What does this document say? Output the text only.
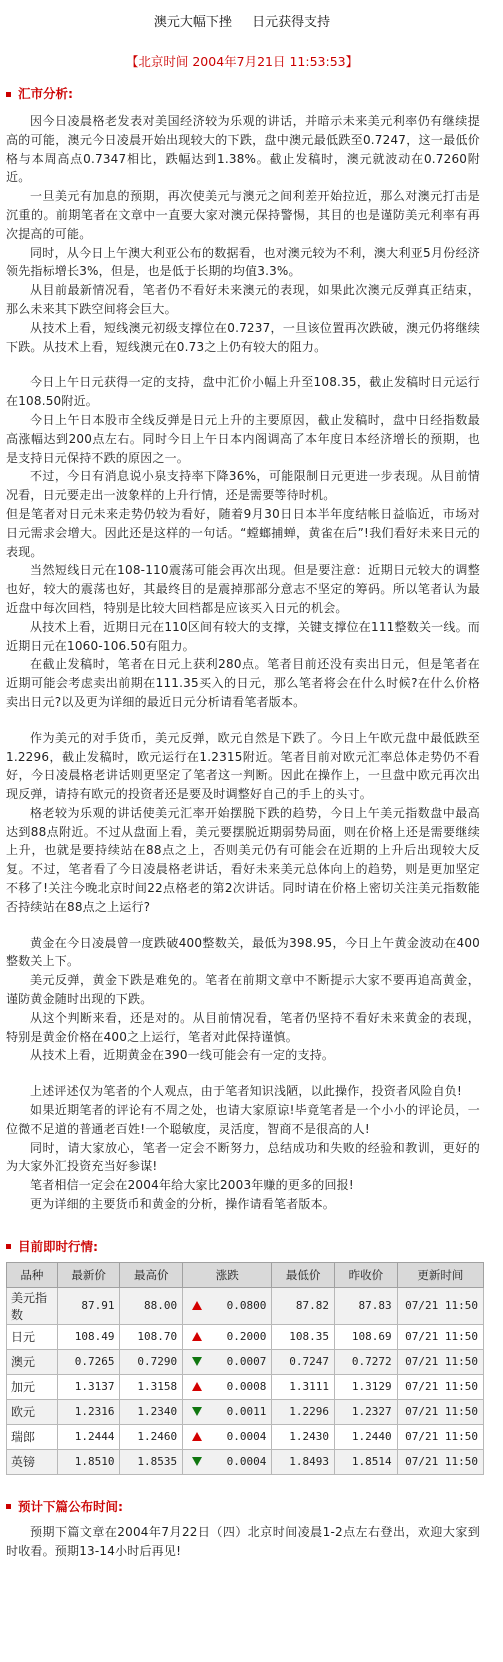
澳元大幅下挫 日元获得支持
【北京时间 2004年7月21日 11:53:53】
汇市分析:

因今日凌晨格老发表对美国经济较为乐观的讲话，并暗示未来美元利率仍有继续提高的可能，澳元今日凌晨开始出现较大的下跌，盘中澳元最低跌至0.7247，这一最低价格与本周高点0.7347相比，跌幅达到1.38%。截止发稿时，澳元就波动在0.7260附近。

一旦美元有加息的预期，再次使美元与澳元之间利差开始拉近，那么对澳元打击是沉重的。前期笔者在文章中一直要大家对澳元保持警惕，其目的也是谨防美元利率有再次提高的可能。

同时，从今日上午澳大利亚公布的数据看，也对澳元较为不利，澳大利亚5月份经济领先指标增长3%，但是，也是低于长期的均值3.3%。

从目前最新情况看，笔者仍不看好未来澳元的表现，如果此次澳元反弹真正结束，那么未来其下跌空间将会巨大。

从技术上看，短线澳元初级支撑位在0.7237，一旦该位置再次跌破，澳元仍将继续下跌。从技术上看，短线澳元在0.73之上仍有较大的阻力。

今日上午日元获得一定的支持，盘中汇价小幅上升至108.35，截止发稿时日元运行在108.50附近。

今日上午日本股市全线反弹是日元上升的主要原因，截止发稿时，盘中日经指数最高涨幅达到200点左右。同时今日上午日本内阁调高了本年度日本经济增长的预期，也是支持日元保持不跌的原因之一。

不过，今日有消息说小泉支持率下降36%，可能限制日元更进一步表现。从目前情况看，日元要走出一波象样的上升行情，还是需要等待时机。

但是笔者对日元未来走势仍较为看好，随着9月30日日本半年度结帐日益临近，市场对日元需求会增大。因此还是这样的一句话。“螳螂捕蝉，黄雀在后”!我们看好未来日元的表现。

当然短线日元在108-110震荡可能会再次出现。但是要注意：近期日元较大的调整也好，较大的震荡也好，其最终目的是震掉那部分意志不坚定的筹码。所以笔者认为最近盘中每次回档，特别是比较大回档都是应该买入日元的机会。

从技术上看，近期日元在110区间有较大的支撑，关键支撑位在111整数关一线。而近期日元在1060-106.50有阻力。

在截止发稿时，笔者在日元上获利280点。笔者目前还没有卖出日元，但是笔者在近期可能会考虑卖出前期在111.35买入的日元，那么笔者将会在什么时候?在什么价格卖出日元?以及更为详细的最近日元分析请看笔者版本。

作为美元的对手货币，美元反弹，欧元自然是下跌了。今日上午欧元盘中最低跌至1.2296，截止发稿时，欧元运行在1.2315附近。笔者目前对欧元汇率总体走势仍不看好，今日凌晨格老讲话则更坚定了笔者这一判断。因此在操作上，一旦盘中欧元再次出现反弹，请持有欧元的投资者还是要及时调整好自己的手上的头寸。

格老较为乐观的讲话使美元汇率开始摆脱下跌的趋势，今日上午美元指数盘中最高达到88点附近。不过从盘面上看，美元要摆脱近期弱势局面，则在价格上还是需要继续上升，也就是要持续站在88点之上，否则美元仍有可能会在近期的上升后出现较大反复。不过，笔者看了今日凌晨格老讲话，看好未来美元总体向上的趋势，则是更加坚定不移了!关注今晚北京时间22点格老的第2次讲话。同时请在价格上密切关注美元指数能否持续站在88点之上运行?

黄金在今日凌晨曾一度跌破400整数关，最低为398.95，今日上午黄金波动在400整数关上下。

美元反弹，黄金下跌是难免的。笔者在前期文章中不断提示大家不要再追高黄金，谨防黄金随时出现的下跌。

从这个判断来看，还是对的。从目前情况看，笔者仍坚持不看好未来黄金的表现，特别是黄金价格在400之上运行，笔者对此保持谨慎。

从技术上看，近期黄金在390一线可能会有一定的支持。

上述评述仅为笔者的个人观点，由于笔者知识浅陋，以此操作，投资者风险自负!

如果近期笔者的评论有不周之处，也请大家原谅!毕竟笔者是一个小小的评论员，一位微不足道的普通老百姓!一个聪敏度，灵活度，智商不是很高的人!

同时，请大家放心，笔者一定会不断努力，总结成功和失败的经验和教训，更好的为大家外汇投资充当好参谋!

笔者相信一定会在2004年给大家比2003年赚的更多的回报!

更为详细的主要货币和黄金的分析，操作请看笔者版本。

目前即时行情:
品种	最新价	最高价	涨跌	最低价	昨收价	更新时间
美元指数	87.91	88.00	0.0800	87.82	87.83	07/21 11:50
日元	108.49	108.70	0.2000	108.35	108.69	07/21 11:50
澳元	0.7265	0.7290	0.0007	0.7247	0.7272	07/21 11:50
加元	1.3137	1.3158	0.0008	1.3111	1.3129	07/21 11:50
欧元	1.2316	1.2340	0.0011	1.2296	1.2327	07/21 11:50
瑞郎	1.2444	1.2460	0.0004	1.2430	1.2440	07/21 11:50
英镑	1.8510	1.8535	0.0004	1.8493	1.8514	07/21 11:50
预计下篇公布时间:

预期下篇文章在2004年7月22日（四）北京时间凌晨1-2点左右登出，欢迎大家到时收看。预期13-14小时后再见!
